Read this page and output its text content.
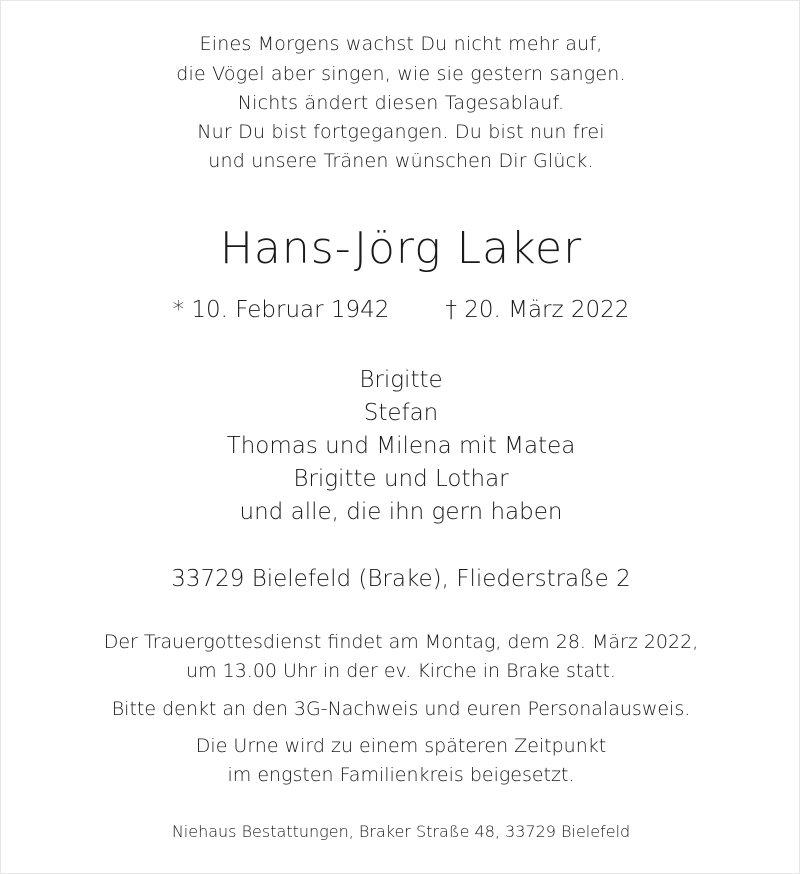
Eines Morgens wachst Du nicht mehr auf,
die Vögel aber singen, wie sie gestern sangen.
Nichts ändert diesen Tagesablauf.
Nur Du bist fortgegangen. Du bist nun frei
und unsere Tränen wünschen Dir Glück.
Hans-Jörg Laker
* 10. Februar 1942 † 20. März 2022
Brigitte
Stefan
Thomas und Milena mit Matea
Brigitte und Lothar
und alle, die ihn gern haben
33729 Bielefeld (Brake), Fliederstraße 2
Der Trauergottesdienst findet am Montag, dem 28. März 2022,
um 13.00 Uhr in der ev. Kirche in Brake statt.
Bitte denkt an den 3G-Nachweis und euren Personalausweis.
Die Urne wird zu einem späteren Zeitpunkt
im engsten Familienkreis beigesetzt.
Niehaus Bestattungen, Braker Straße 48, 33729 Bielefeld
